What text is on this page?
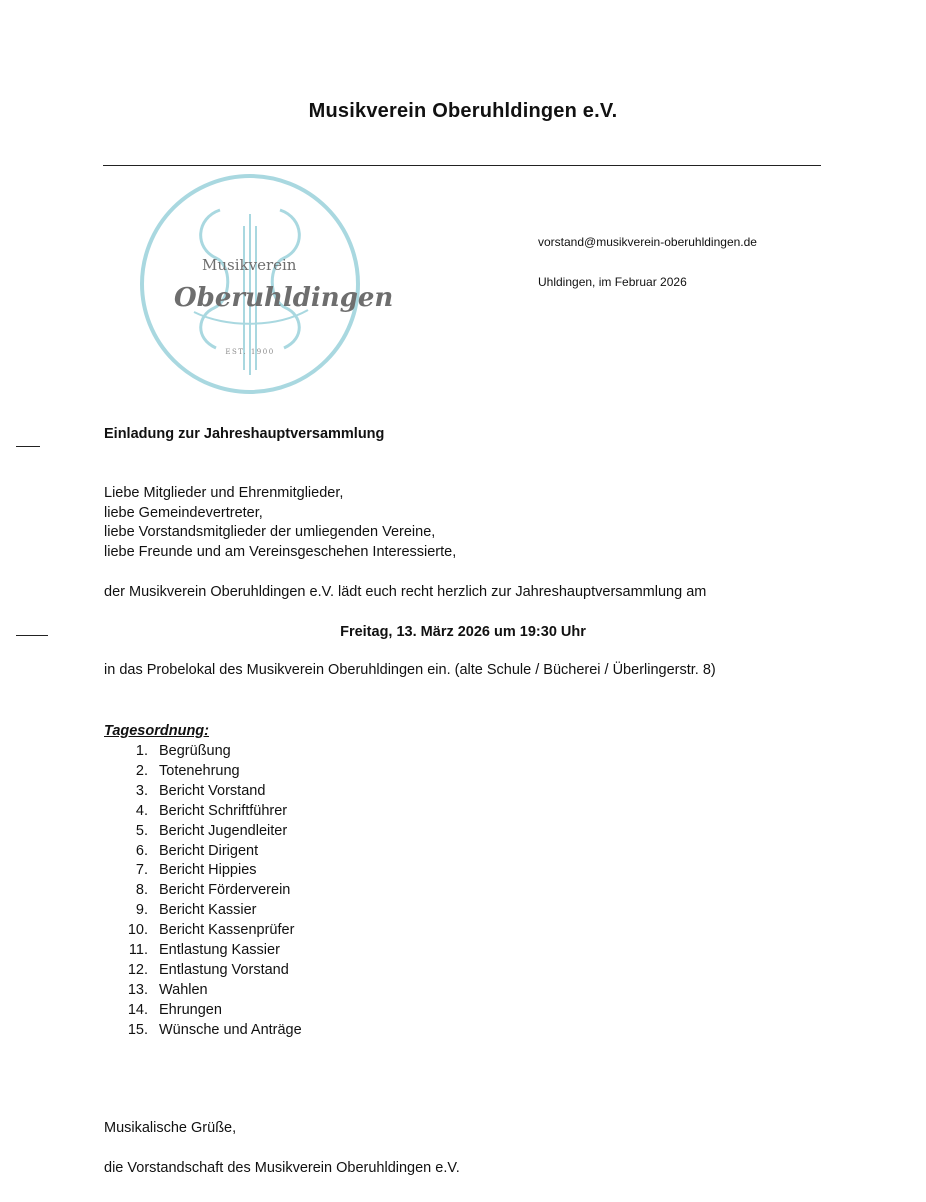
Musikverein Oberuhldingen e.V.
Musikverein
Oberuhldingen
EST. 1900
vorstand@musikverein-oberuhldingen.de
Uhldingen, im Februar 2026
Einladung zur Jahreshauptversammlung
Liebe Mitglieder und Ehrenmitglieder,
liebe Gemeindevertreter,
liebe Vorstandsmitglieder der umliegenden Vereine,
liebe Freunde und am Vereinsgeschehen Interessierte,
der Musikverein Oberuhldingen e.V. lädt euch recht herzlich zur Jahreshauptversammlung am
Freitag, 13. März 2026 um 19:30 Uhr
in das Probelokal des Musikverein Oberuhldingen ein. (alte Schule / Bücherei / Überlingerstr. 8)
Tagesordnung:
1. Begrüßung
2. Totenehrung
3. Bericht Vorstand
4. Bericht Schriftführer
5. Bericht Jugendleiter
6. Bericht Dirigent
7. Bericht Hippies
8. Bericht Förderverein
9. Bericht Kassier
10. Bericht Kassenprüfer
11. Entlastung Kassier
12. Entlastung Vorstand
13. Wahlen
14. Ehrungen
15. Wünsche und Anträge
Musikalische Grüße,
die Vorstandschaft des Musikverein Oberuhldingen e.V.
